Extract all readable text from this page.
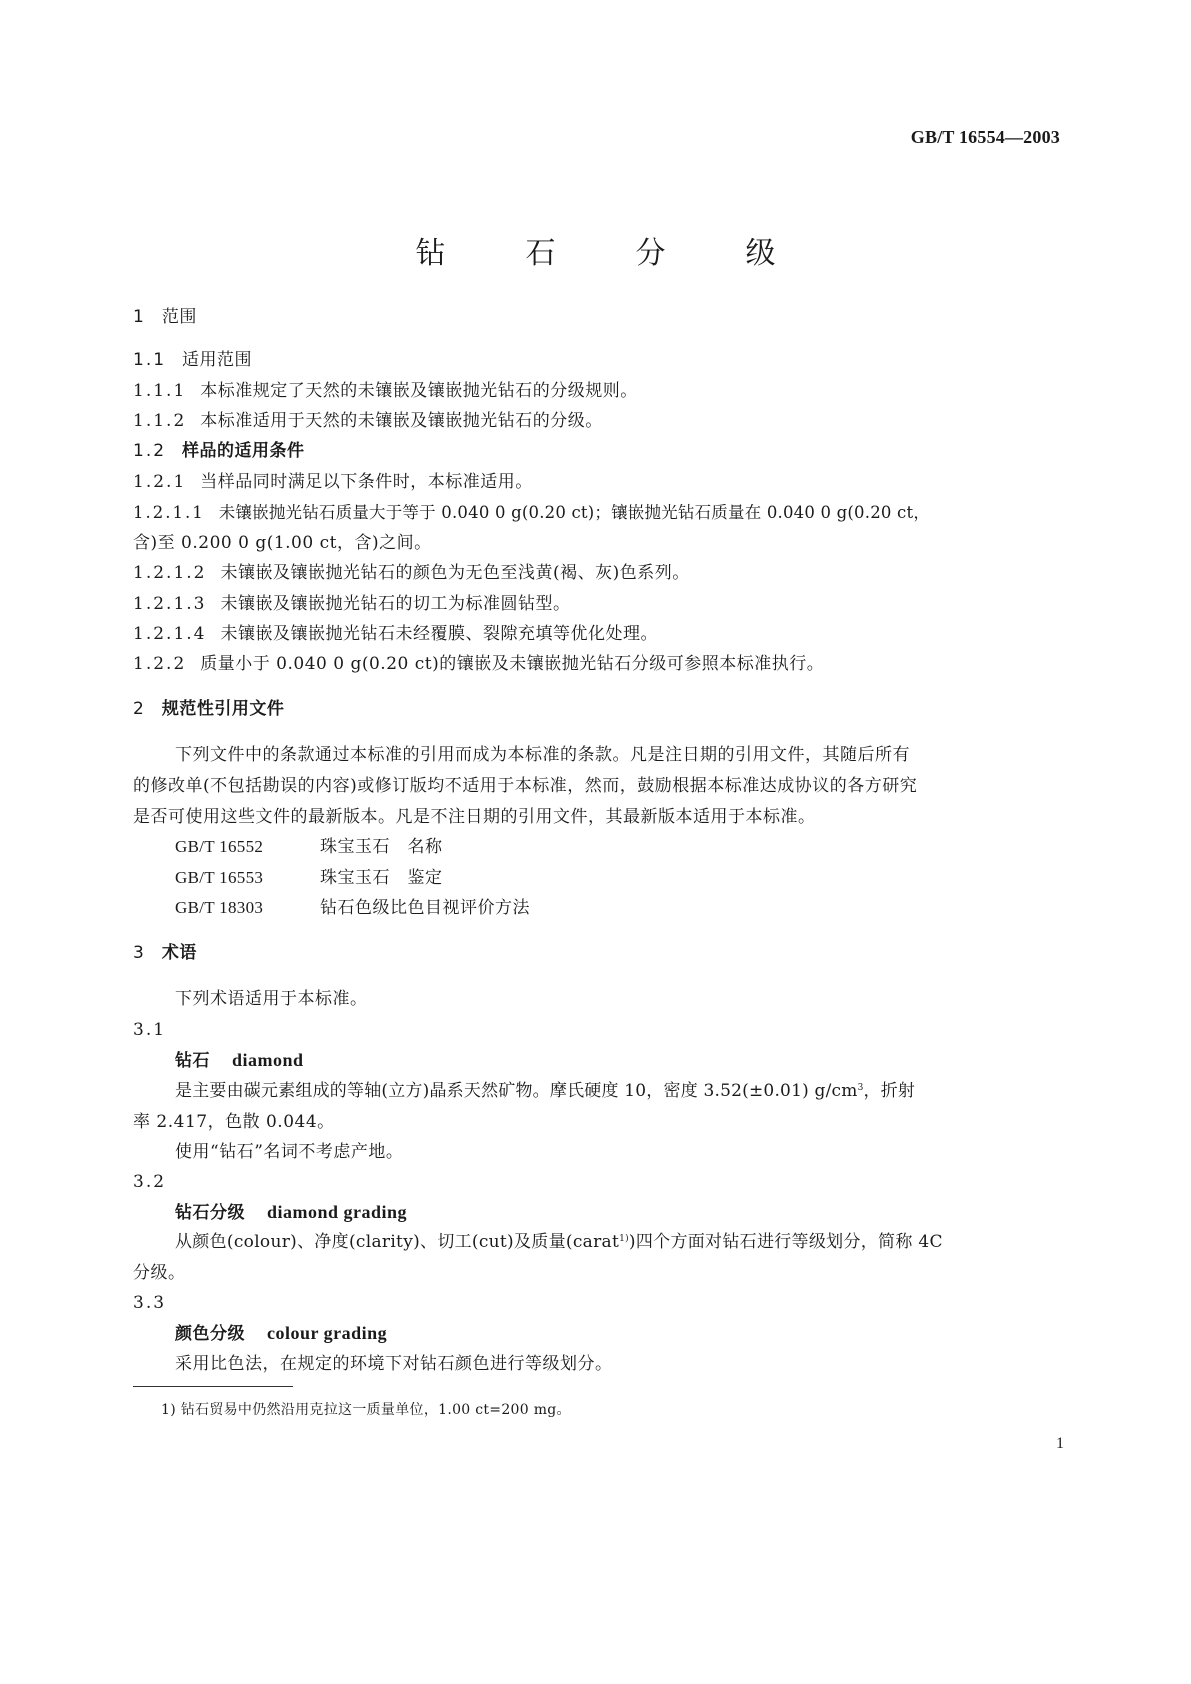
GB/T 16554—2003
钻	石	分	级
1 范围
1.1 适用范围
1.1.1 本标准规定了天然的未镶嵌及镶嵌抛光钻石的分级规则。
1.1.2 本标准适用于天然的未镶嵌及镶嵌抛光钻石的分级。
1.2 样品的适用条件
1.2.1 当样品同时满足以下条件时，本标准适用。
1.2.1.1 未镶嵌抛光钻石质量大于等于 0.040 0 g(0.20 ct)；镶嵌抛光钻石质量在 0.040 0 g(0.20 ct，
含)至 0.200 0 g(1.00 ct，含)之间。
1.2.1.2 未镶嵌及镶嵌抛光钻石的颜色为无色至浅黄(褐、灰)色系列。
1.2.1.3 未镶嵌及镶嵌抛光钻石的切工为标准圆钻型。
1.2.1.4 未镶嵌及镶嵌抛光钻石未经覆膜、裂隙充填等优化处理。
1.2.2 质量小于 0.040 0 g(0.20 ct)的镶嵌及未镶嵌抛光钻石分级可参照本标准执行。
2 规范性引用文件
下列文件中的条款通过本标准的引用而成为本标准的条款。凡是注日期的引用文件，其随后所有
的修改单(不包括勘误的内容)或修订版均不适用于本标准，然而，鼓励根据本标准达成协议的各方研究
是否可使用这些文件的最新版本。凡是不注日期的引用文件，其最新版本适用于本标准。
GB/T 16552	珠宝玉石　名称
GB/T 16553	珠宝玉石　鉴定
GB/T 18303	钻石色级比色目视评价方法
3 术语
下列术语适用于本标准。
3.1
钻石 diamond
是主要由碳元素组成的等轴(立方)晶系天然矿物。摩氏硬度 10，密度 3.52(±0.01) $g/cm^3$，折射
率 2.417，色散 0.044。
使用“钻石”名词不考虑产地。
3.2
钻石分级 diamond grading
从颜色(colour)、净度(clarity)、切工(cut)及质量(carat$^{1)}$)四个方面对钻石进行等级划分，简称 4C
分级。
3.3
颜色分级 colour grading
采用比色法，在规定的环境下对钻石颜色进行等级划分。
1) 钻石贸易中仍然沿用克拉这一质量单位，1.00 ct=200 mg。
1
